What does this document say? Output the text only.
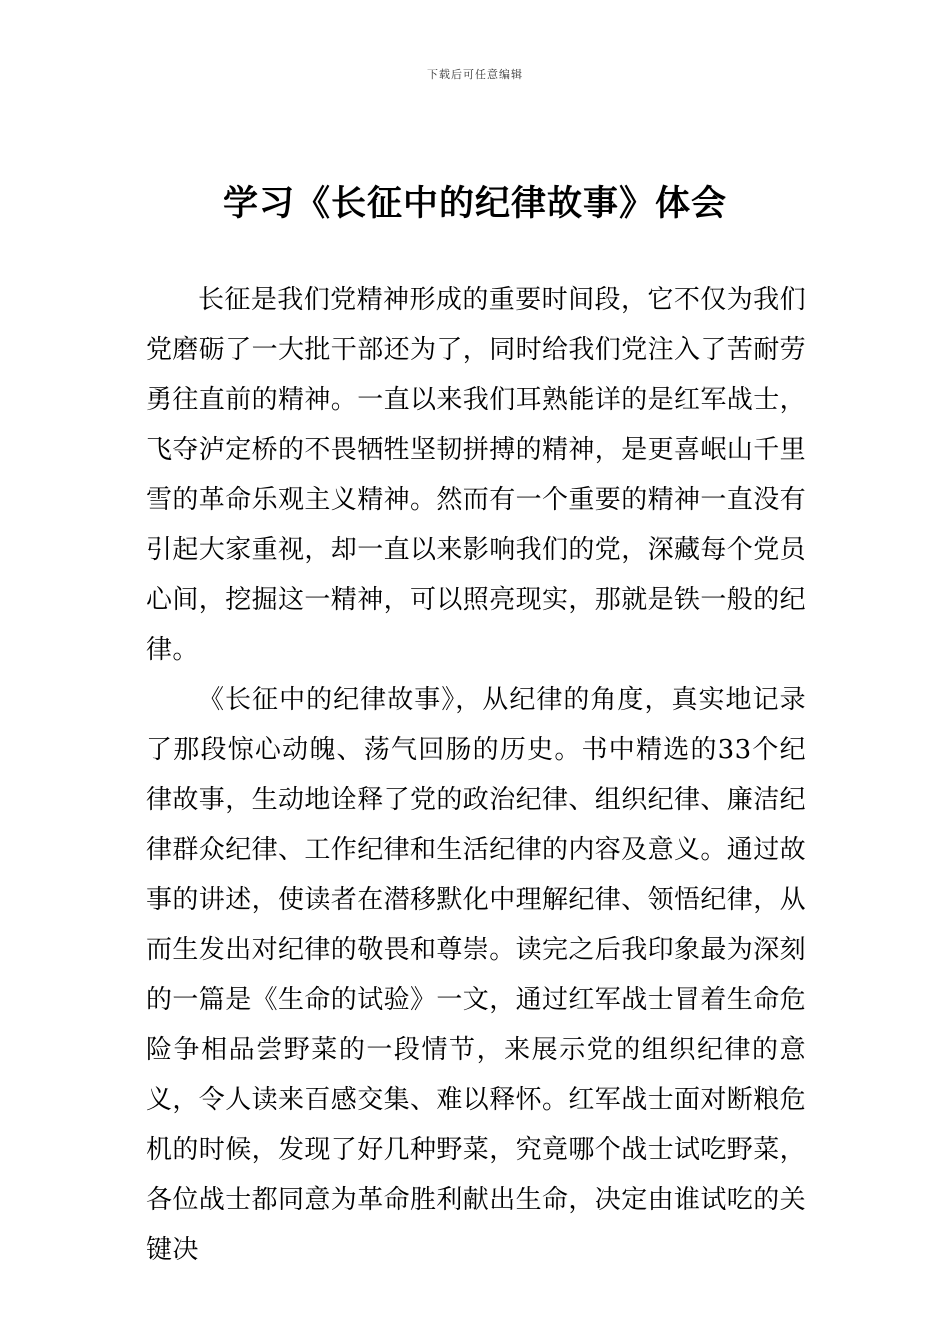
下载后可任意编辑
学习《长征中的纪律故事》体会

长征是我们党精神形成的重要时间段，它不仅为我们党磨砺了一大批干部还为了，同时给我们党注入了苦耐劳勇往直前的精神。一直以来我们耳熟能详的是红军战士，飞夺泸定桥的不畏牺牲坚韧拼搏的精神，是更喜岷山千里雪的革命乐观主义精神。然而有一个重要的精神一直没有引起大家重视，却一直以来影响我们的党，深藏每个党员心间，挖掘这一精神，可以照亮现实，那就是铁一般的纪律。

《长征中的纪律故事》，从纪律的角度，真实地记录了那段惊心动魄、荡气回肠的历史。书中精选的33个纪律故事，生动地诠释了党的政治纪律、组织纪律、廉洁纪律群众纪律、工作纪律和生活纪律的内容及意义。通过故事的讲述，使读者在潜移默化中理解纪律、领悟纪律，从而生发出对纪律的敬畏和尊崇。读完之后我印象最为深刻的一篇是《生命的试验》一文，通过红军战士冒着生命危险争相品尝野菜的一段情节，来展示党的组织纪律的意义，令人读来百感交集、难以释怀。红军战士面对断粮危机的时候，发现了好几种野菜，究竟哪个战士试吃野菜，各位战士都同意为革命胜利献出生命，决定由谁试吃的关键决
